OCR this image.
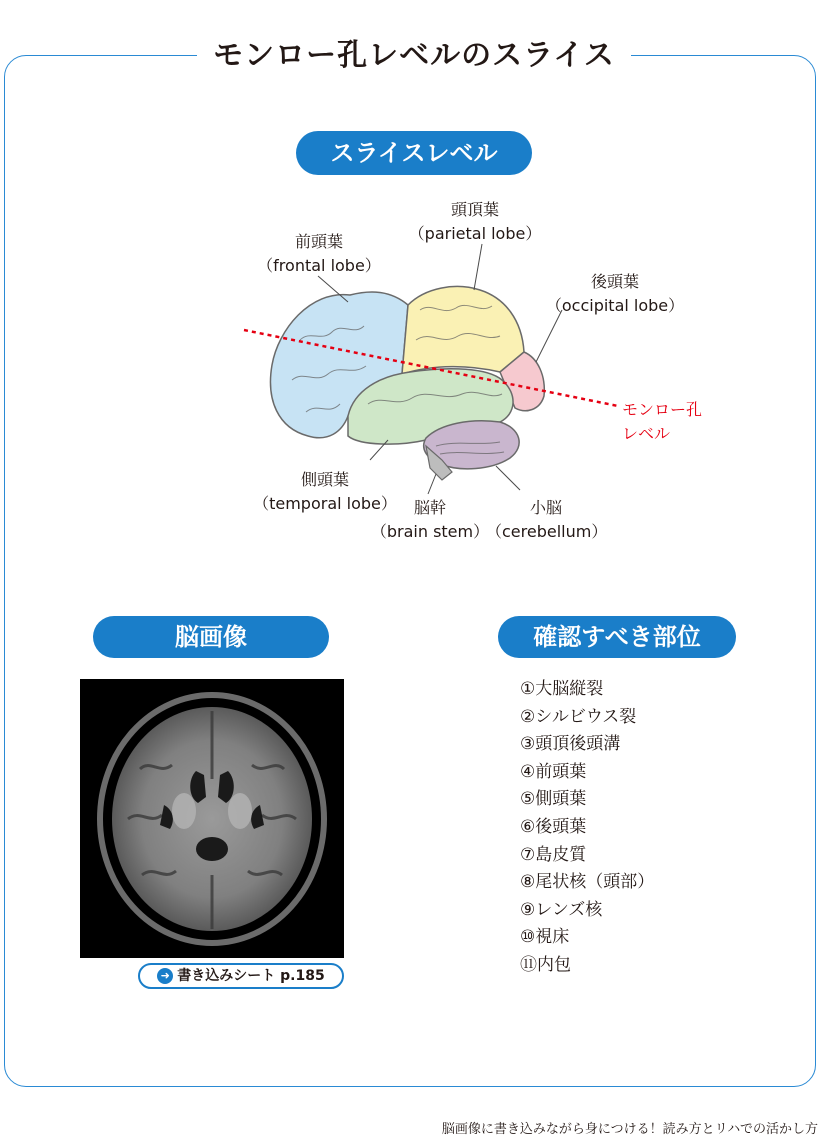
モンロー孔レベルのスライス
スライスレベル
前頭葉
（frontal lobe）
頭頂葉
（parietal lobe）
後頭葉
（occipital lobe）
側頭葉
（temporal lobe）	脳幹
（brain stem）
小脳
（cerebellum）
モンロー孔
レベル
脳画像	確認すべき部位
➜ 書き込みシート p.185
①大脳縦裂
②シルビウス裂
③頭頂後頭溝
④前頭葉
⑤側頭葉
⑥後頭葉
⑦島皮質
⑧尾状核（頭部）
⑨レンズ核
⑩視床
⑪内包
脳画像に書き込みながら身につける！読み方とリハでの活かし方
